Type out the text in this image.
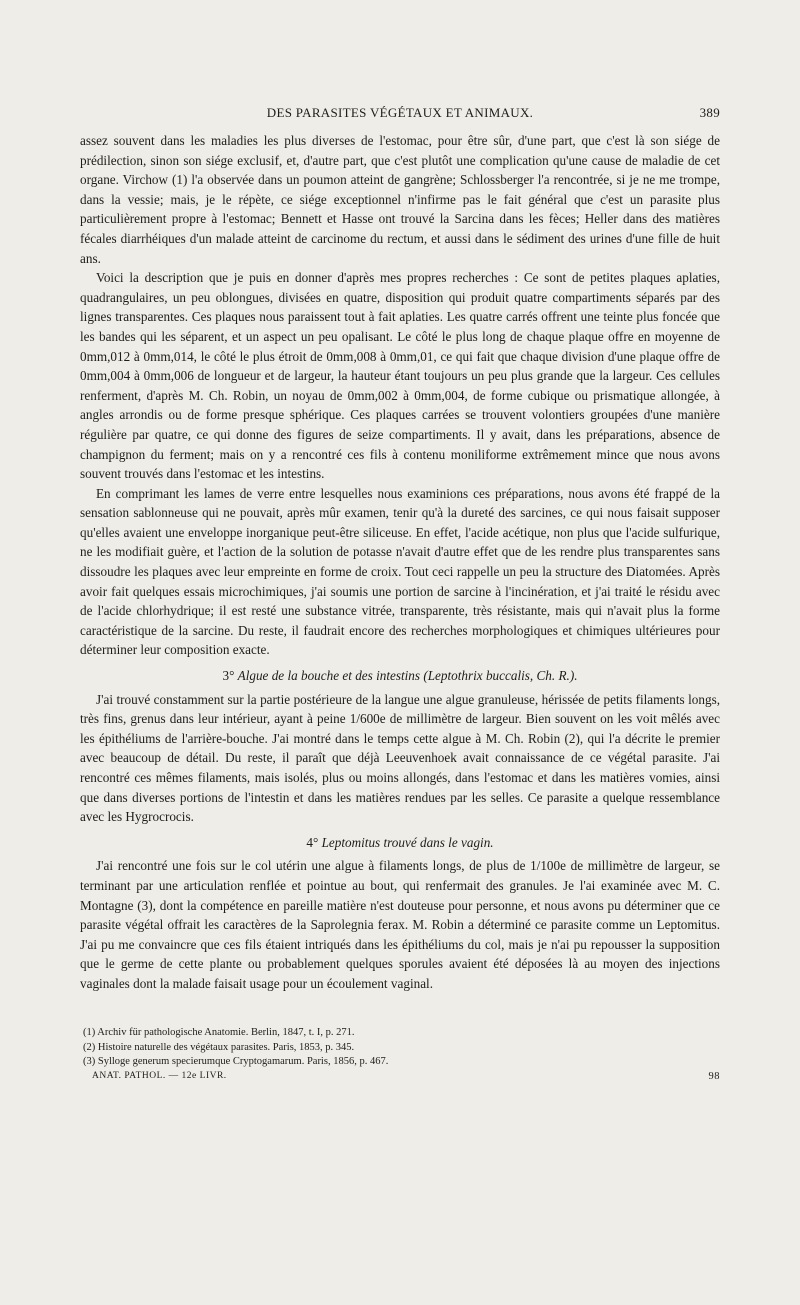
DES PARASITES VÉGÉTAUX ET ANIMAUX.	389

assez souvent dans les maladies les plus diverses de l'estomac, pour être sûr, d'une part, que c'est là son siége de prédilection, sinon son siége exclusif, et, d'autre part, que c'est plutôt une complication qu'une cause de maladie de cet organe. Virchow (1) l'a observée dans un poumon atteint de gangrène; Schlossberger l'a rencontrée, si je ne me trompe, dans la vessie; mais, je le répète, ce siége exceptionnel n'infirme pas le fait général que c'est un parasite plus particulièrement propre à l'estomac; Bennett et Hasse ont trouvé la Sarcina dans les fèces; Heller dans des matières fécales diarrhéiques d'un malade atteint de carcinome du rectum, et aussi dans le sédiment des urines d'une fille de huit ans.

Voici la description que je puis en donner d'après mes propres recherches : Ce sont de petites plaques aplaties, quadrangulaires, un peu oblongues, divisées en quatre, disposition qui produit quatre compartiments séparés par des lignes transparentes. Ces plaques nous paraissent tout à fait aplaties. Les quatre carrés offrent une teinte plus foncée que les bandes qui les séparent, et un aspect un peu opalisant. Le côté le plus long de chaque plaque offre en moyenne de 0mm,012 à 0mm,014, le côté le plus étroit de 0mm,008 à 0mm,01, ce qui fait que chaque division d'une plaque offre de 0mm,004 à 0mm,006 de longueur et de largeur, la hauteur étant toujours un peu plus grande que la largeur. Ces cellules renferment, d'après M. Ch. Robin, un noyau de 0mm,002 à 0mm,004, de forme cubique ou prismatique allongée, à angles arrondis ou de forme presque sphérique. Ces plaques carrées se trouvent volontiers groupées d'une manière régulière par quatre, ce qui donne des figures de seize compartiments. Il y avait, dans les préparations, absence de champignon du ferment; mais on y a rencontré ces fils à contenu moniliforme extrêmement mince que nous avons souvent trouvés dans l'estomac et les intestins.

En comprimant les lames de verre entre lesquelles nous examinions ces préparations, nous avons été frappé de la sensation sablonneuse qui ne pouvait, après mûr examen, tenir qu'à la dureté des sarcines, ce qui nous faisait supposer qu'elles avaient une enveloppe inorganique peut-être siliceuse. En effet, l'acide acétique, non plus que l'acide sulfurique, ne les modifiait guère, et l'action de la solution de potasse n'avait d'autre effet que de les rendre plus transparentes sans dissoudre les plaques avec leur empreinte en forme de croix. Tout ceci rappelle un peu la structure des Diatomées. Après avoir fait quelques essais microchimiques, j'ai soumis une portion de sarcine à l'incinération, et j'ai traité le résidu avec de l'acide chlorhydrique; il est resté une substance vitrée, transparente, très résistante, mais qui n'avait plus la forme caractéristique de la sarcine. Du reste, il faudrait encore des recherches morphologiques et chimiques ultérieures pour déterminer leur composition exacte.

3° Algue de la bouche et des intestins (Leptothrix buccalis, Ch. R.).

J'ai trouvé constamment sur la partie postérieure de la langue une algue granuleuse, hérissée de petits filaments longs, très fins, grenus dans leur intérieur, ayant à peine 1/600e de millimètre de largeur. Bien souvent on les voit mêlés avec les épithéliums de l'arrière-bouche. J'ai montré dans le temps cette algue à M. Ch. Robin (2), qui l'a décrite le premier avec beaucoup de détail. Du reste, il paraît que déjà Leeuvenhoek avait connaissance de ce végétal parasite. J'ai rencontré ces mêmes filaments, mais isolés, plus ou moins allongés, dans l'estomac et dans les matières vomies, ainsi que dans diverses portions de l'intestin et dans les matières rendues par les selles. Ce parasite a quelque ressemblance avec les Hygrocrocis.

4° Leptomitus trouvé dans le vagin.

J'ai rencontré une fois sur le col utérin une algue à filaments longs, de plus de 1/100e de millimètre de largeur, se terminant par une articulation renflée et pointue au bout, qui renfermait des granules. Je l'ai examinée avec M. C. Montagne (3), dont la compétence en pareille matière n'est douteuse pour personne, et nous avons pu déterminer que ce parasite végétal offrait les caractères de la Saprolegnia ferax. M. Robin a déterminé ce parasite comme un Leptomitus. J'ai pu me convaincre que ces fils étaient intriqués dans les épithéliums du col, mais je n'ai pu repousser la supposition que le germe de cette plante ou probablement quelques sporules avaient été déposées là au moyen des injections vaginales dont la malade faisait usage pour un écoulement vaginal.

(1) Archiv für pathologische Anatomie. Berlin, 1847, t. I, p. 271.
(2) Histoire naturelle des végétaux parasites. Paris, 1853, p. 345.
(3) Sylloge generum specierumque Cryptogamarum. Paris, 1856, p. 467.
ANAT. PATHOL. — 12e LIVR.	98
